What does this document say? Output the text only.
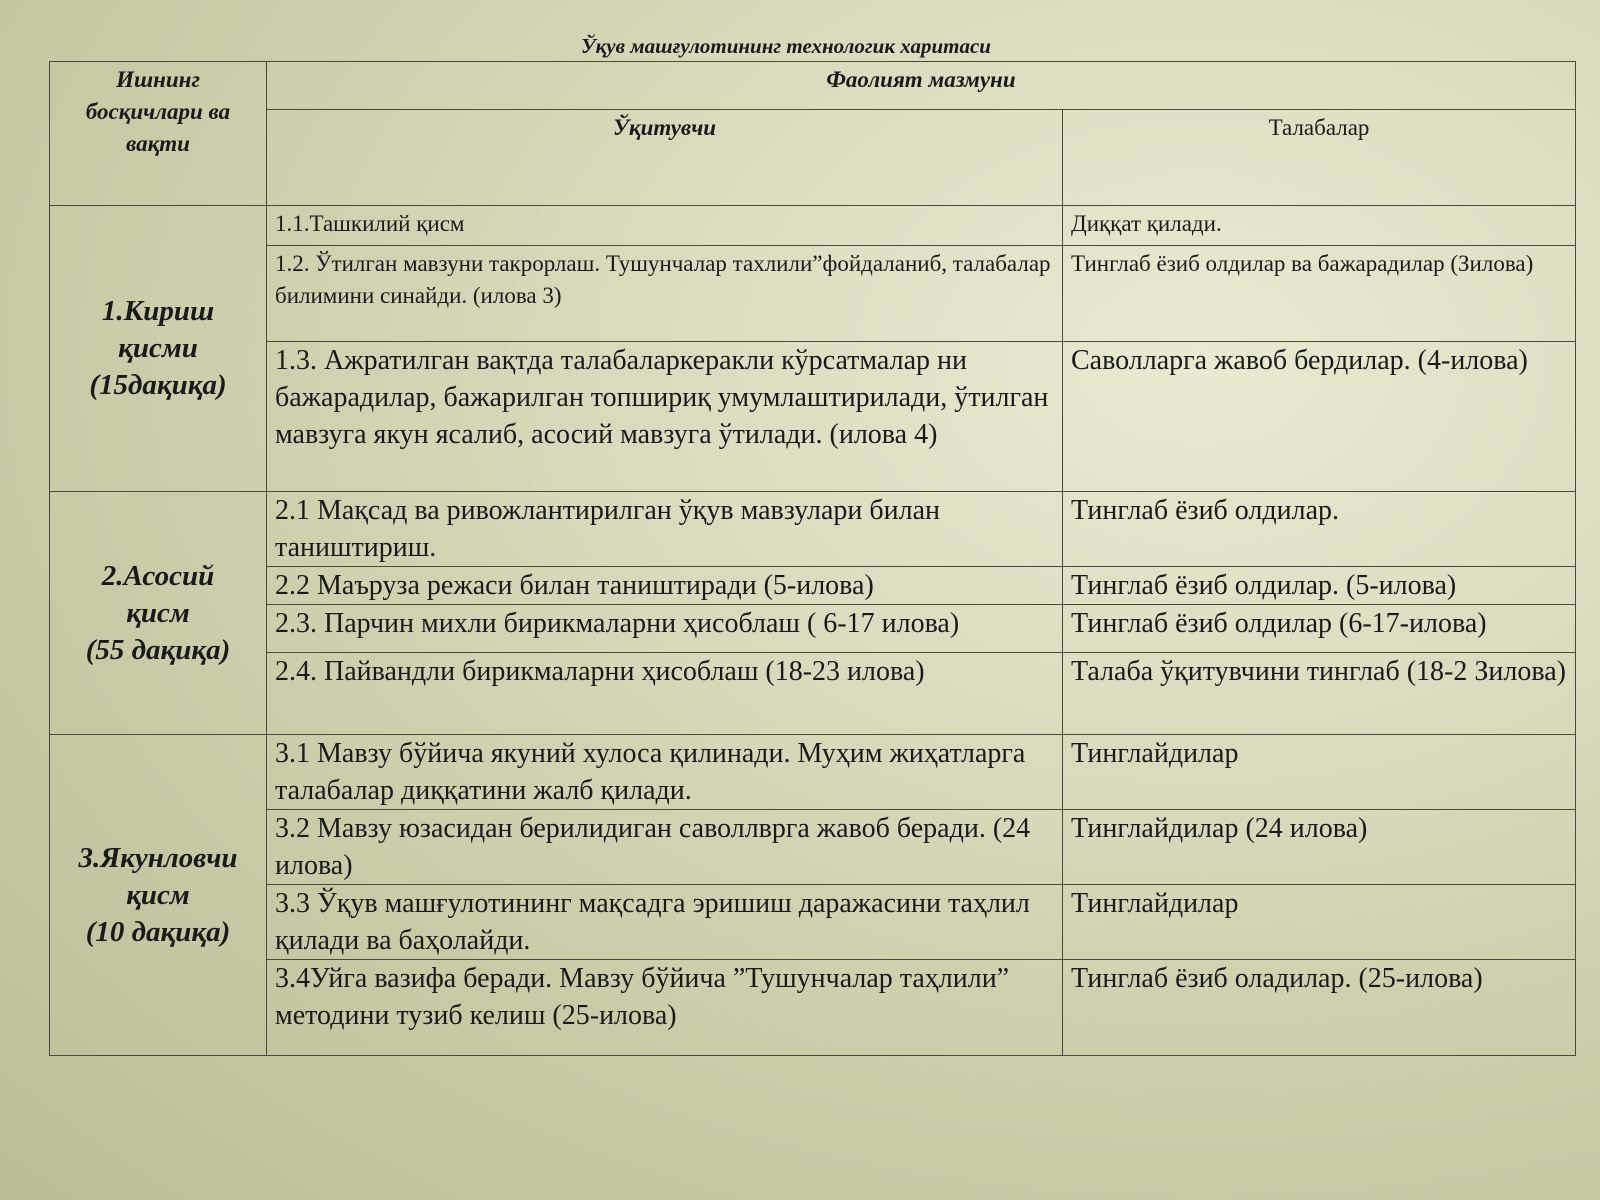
Ўқув машғулотининг технологик харитаси
Ишнинг
босқичлари ва
вақти	Фаолият мазмуни	
	Ўқитувчи	Талабалар

1.Кириш
қисми
(15дақиқа)	1.1.Ташкилий қисм	Диққат қилади.
	1.2. Ўтилган мавзуни такрорлаш. Тушунчалар тахлили”фойдаланиб, талабалар билимини синайди. (илова 3)	Тинглаб ёзиб олдилар ва бажарадилар (Зилова)
	1.3. Ажратилган вақтда талабаларкеракли кўрсатмалар ни бажарадилар, бажарилган топшириқ умумлаштирилади, ўтилган мавзуга якун ясалиб, асосий мавзуга ўтилади. (илова 4)	Саволларга жавоб бердилар. (4-илова)

2.Асосий
қисм
(55 дақиқа)	2.1 Мақсад ва ривожлантирилган ўқув мавзулари билан таништириш.	Тинглаб ёзиб олдилар.
	2.2 Маъруза режаси билан таништиради (5-илова)	Тинглаб ёзиб олдилар. (5-илова)
	2.3. Парчин михли бирикмаларни ҳисоблаш ( 6-17 илова)	Тинглаб ёзиб олдилар (6-17-илова)
	2.4. Пайвандли бирикмаларни ҳисоблаш (18-23 илова)	Талаба ўқитувчини тинглаб (18-2 Зилова)

3.Якунловчи
қисм
(10 дақиқа)	3.1 Мавзу бўйича якуний хулоса қилинади. Муҳим жиҳатларга         талабалар диққатини жалб қилади.	Тинглайдилар
	3.2 Мавзу юзасидан берилидиган саволлврга жавоб беради. (24 илова)	Тинглайдилар (24 илова)
	3.3 Ўқув машғулотининг мақсадга эришиш даражасини таҳлил қилади ва баҳолайди.	Тинглайдилар
	3.4Уйга вазифа беради. Мавзу бўйича ”Тушунчалар таҳлили” методини тузиб келиш (25-илова)	Тинглаб ёзиб оладилар. (25-илова)
